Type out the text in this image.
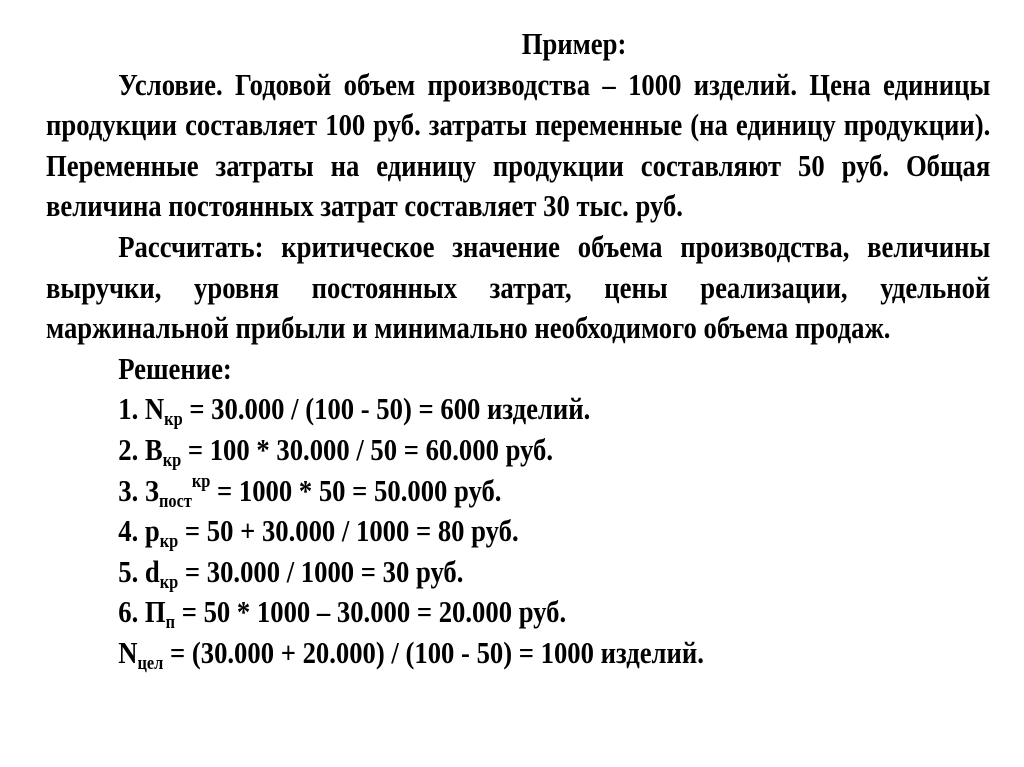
Пример:

Условие. Годовой объем производства – 1000 изделий. Цена единицы продукции составляет 100 руб. затраты переменные (на единицу продукции). Переменные затраты на единицу продукции составляют 50 руб. Общая величина постоянных затрат составляет 30 тыс. руб.

Рассчитать: критическое значение объема производства, величины выручки, уровня постоянных затрат, цены реализации, удельной маржинальной прибыли и минимально необходимого объема продаж.

Решение:

1. $N_{кр} = 30.000 / (100 - 50) = 600$ изделий.

2. $В_{кр} = 100 * 30.000 / 50 = 60.000$ руб.

3. $З_{пост}^{кр} = 1000 * 50 = 50.000$ руб.

4. $р_{кр} = 50 + 30.000 / 1000 = 80$ руб.

5. $d_{кр} = 30.000 / 1000 = 30$ руб.

6. $П_п = 50 * 1000 - 30.000 = 20.000$ руб.

$N_{цел} = (30.000 + 20.000) / (100 - 50) = 1000$ изделий.
